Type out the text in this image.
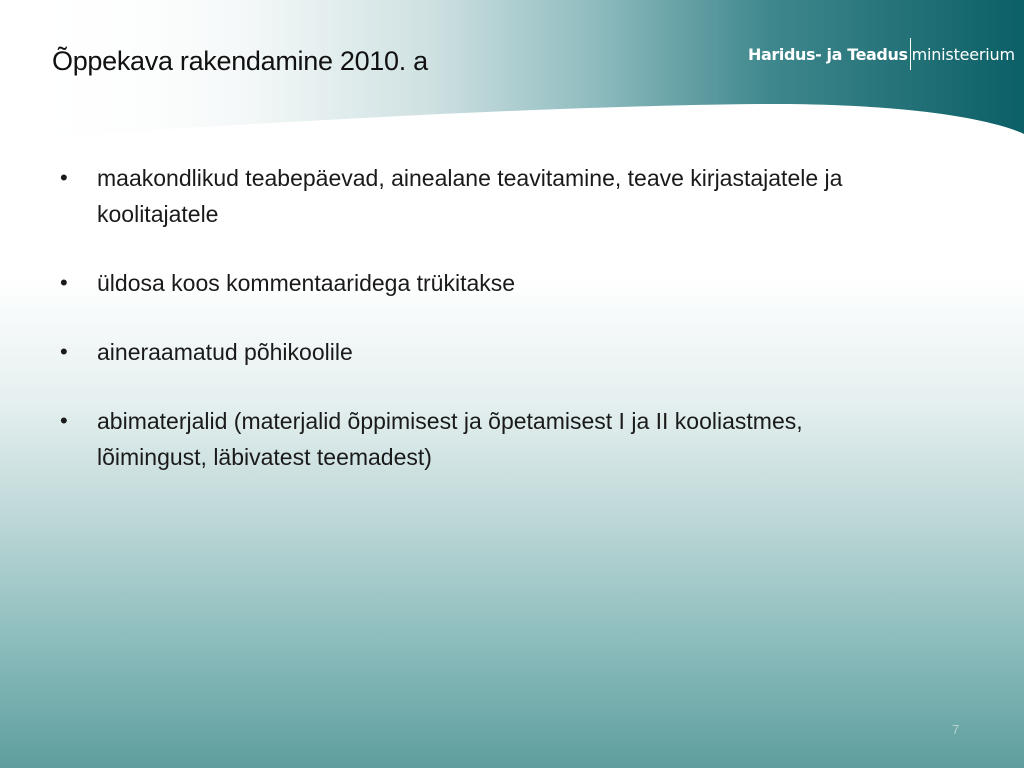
Õppekava rakendamine 2010. a	Haridus- ja Teadus ministeerium
• maakondlikud teabepäevad, ainealane teavitamine, teave kirjastajatele ja koolitajatele
• üldosa koos kommentaaridega trükitakse
• aineraamatud põhikoolile
• abimaterjalid (materjalid õppimisest ja õpetamisest I ja II kooliastmes, lõimingust, läbivatest teemadest)
7
